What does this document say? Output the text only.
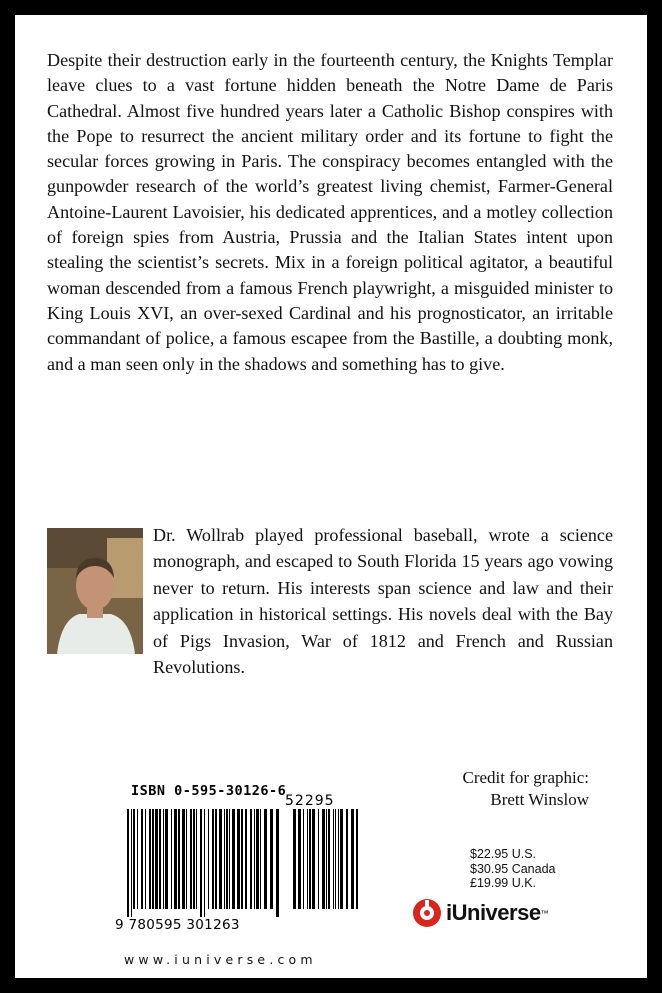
Despite their destruction early in the fourteenth century, the Knights Templar leave clues to a vast fortune hidden beneath the Notre Dame de Paris Cathedral. Almost five hundred years later a Catholic Bishop conspires with the Pope to resurrect the ancient military order and its fortune to fight the secular forces growing in Paris. The conspiracy becomes entangled with the gunpowder research of the world’s greatest living chemist, Farmer-General Antoine-Laurent Lavoisier, his dedicated apprentices, and a motley collection of foreign spies from Austria, Prussia and the Italian States intent upon stealing the scientist’s secrets. Mix in a foreign political agitator, a beautiful woman descended from a famous French playwright, a misguided minister to King Louis XVI, an over-sexed Cardinal and his prognosticator, an irritable commandant of police, a famous escapee from the Bastille, a doubting monk, and a man seen only in the shadows and something has to give.

Dr. Wollrab played professional baseball, wrote a science monograph, and escaped to South Florida 15 years ago vowing never to return. His interests span science and law and their application in historical settings. His novels deal with the Bay of Pigs Invasion, War of 1812 and French and Russian Revolutions.
Credit for graphic:
Brett Winslow
ISBN 0-595-30126-6
52295
9 780595 301263
$22.95 U.S.
$30.95 Canada
£19.99 U.K.
iUniverse ™
www.iuniverse.com
